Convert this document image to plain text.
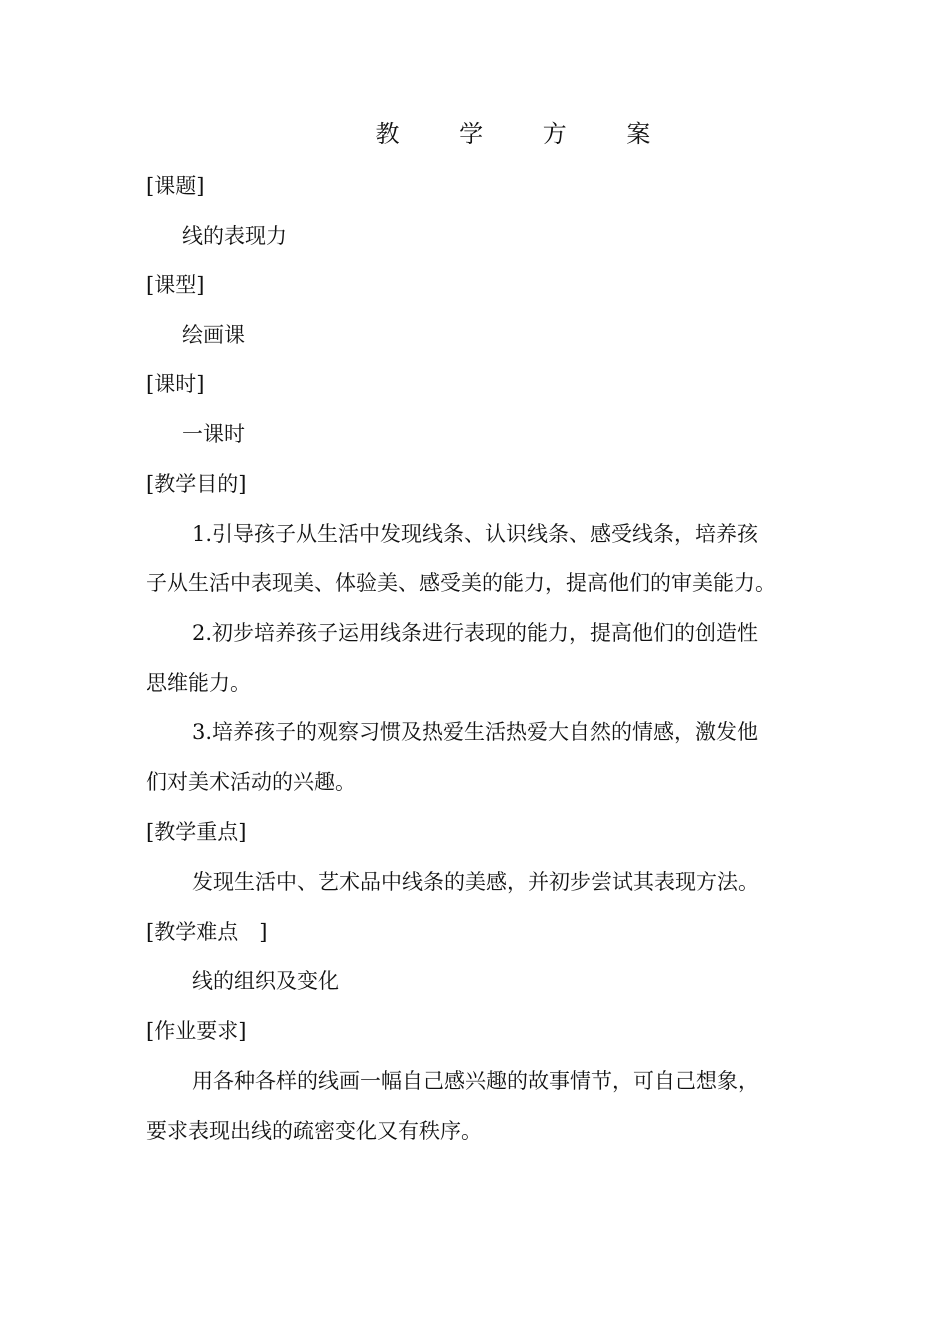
教 学 方 案
[课题]
线的表现力
[课型]
绘画课
[课时]
一课时
[教学目的]
1.引导孩子从生活中发现线条、认识线条、感受线条，培养孩
子从生活中表现美、体验美、感受美的能力，提高他们的审美能力。
2.初步培养孩子运用线条进行表现的能力，提高他们的创造性
思维能力。
3.培养孩子的观察习惯及热爱生活热爱大自然的情感，激发他
们对美术活动的兴趣。
[教学重点]
发现生活中、艺术品中线条的美感，并初步尝试其表现方法。
[教学难点　]
线的组织及变化
[作业要求]
用各种各样的线画一幅自己感兴趣的故事情节，可自己想象，
要求表现出线的疏密变化又有秩序。
